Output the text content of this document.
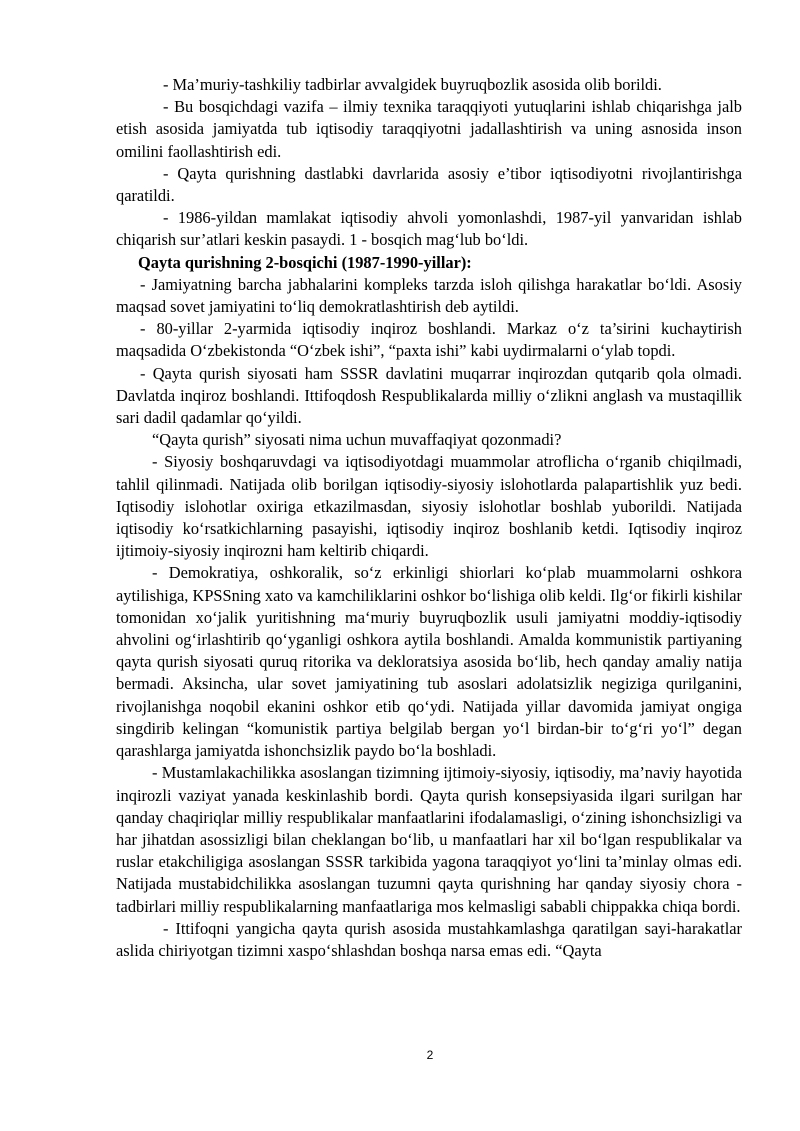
- Ma’muriy-tashkiliy tadbirlar avvalgidek buyruqbozlik asosida olib borildi.

- Bu bosqichdagi vazifa – ilmiy texnika taraqqiyoti yutuqlarini ishlab chiqarishga jalb etish asosida jamiyatda tub iqtisodiy taraqqiyotni jadallashtirish va uning asnosida inson omilini faollashtirish edi.

- Qayta qurishning dastlabki davrlarida asosiy e’tibor iqtisodiyotni rivojlantirishga qaratildi.

- 1986-yildan mamlakat iqtisodiy ahvoli yomonlashdi, 1987-yil yanvaridan ishlab chiqarish sur’atlari keskin pasaydi. 1 - bosqich mag‘lub bo‘ldi.

Qayta qurishning 2-bosqichi (1987-1990-yillar):

- Jamiyatning barcha jabhalarini kompleks tarzda isloh qilishga harakatlar bo‘ldi. Asosiy maqsad sovet jamiyatini to‘liq demokratlashtirish deb aytildi.

- 80-yillar 2-yarmida iqtisodiy inqiroz boshlandi. Markaz o‘z ta’sirini kuchaytirish maqsadida O‘zbekistonda “O‘zbek ishi”, “paxta ishi” kabi uydirmalarni o‘ylab topdi.

- Qayta qurish siyosati ham SSSR davlatini muqarrar inqirozdan qutqarib qola olmadi. Davlatda inqiroz boshlandi. Ittifoqdosh Respublikalarda milliy o‘zlikni anglash va mustaqillik sari dadil qadamlar qo‘yildi.

“Qayta qurish” siyosati nima uchun muvaffaqiyat qozonmadi?

- Siyosiy boshqaruvdagi va iqtisodiyotdagi muammolar atroflicha o‘rganib chiqilmadi, tahlil qilinmadi. Natijada olib borilgan iqtisodiy-siyosiy islohotlarda palapartishlik yuz bedi. Iqtisodiy islohotlar oxiriga etkazilmasdan, siyosiy islohotlar boshlab yuborildi. Natijada iqtisodiy ko‘rsatkichlarning pasayishi, iqtisodiy inqiroz boshlanib ketdi. Iqtisodiy inqiroz ijtimoiy-siyosiy inqirozni ham keltirib chiqardi.

- Demokratiya, oshkoralik, so‘z erkinligi shiorlari ko‘plab muammolarni oshkora aytilishiga, KPSSning xato va kamchiliklarini oshkor bo‘lishiga olib keldi. Ilg‘or fikirli kishilar tomonidan xo‘jalik yuritishning ma‘muriy buyruqbozlik usuli jamiyatni moddiy-iqtisodiy ahvolini og‘irlashtirib qo‘yganligi oshkora aytila boshlandi. Amalda kommunistik partiyaning qayta qurish siyosati quruq ritorika va dekloratsiya asosida bo‘lib, hech qanday amaliy natija bermadi. Aksincha, ular sovet jamiyatining tub asoslari adolatsizlik negiziga qurilganini, rivojlanishga noqobil ekanini oshkor etib qo‘ydi. Natijada yillar davomida jamiyat ongiga singdirib kelingan “komunistik partiya belgilab bergan yo‘l birdan-bir to‘g‘ri yo‘l” degan qarashlarga jamiyatda ishonchsizlik paydo bo‘la boshladi.

- Mustamlakachilikka asoslangan tizimning ijtimoiy-siyosiy, iqtisodiy, ma’naviy hayotida inqirozli vaziyat yanada keskinlashib bordi. Qayta qurish konsepsiyasida ilgari surilgan har qanday chaqiriqlar milliy respublikalar manfaatlarini ifodalamasligi, o‘zining ishonchsizligi va har jihatdan asossizligi bilan cheklangan bo‘lib, u manfaatlari har xil bo‘lgan respublikalar va ruslar etakchiligiga asoslangan SSSR tarkibida yagona taraqqiyot yo‘lini ta’minlay olmas edi. Natijada mustabidchilikka asoslangan tuzumni qayta qurishning har qanday siyosiy chora - tadbirlari milliy respublikalarning manfaatlariga mos kelmasligi sababli chippakka chiqa bordi.

- Ittifoqni yangicha qayta qurish asosida mustahkamlashga qaratilgan sayi-harakatlar aslida chiriyotgan tizimni xaspo‘shlashdan boshqa narsa emas edi. “Qayta

2
